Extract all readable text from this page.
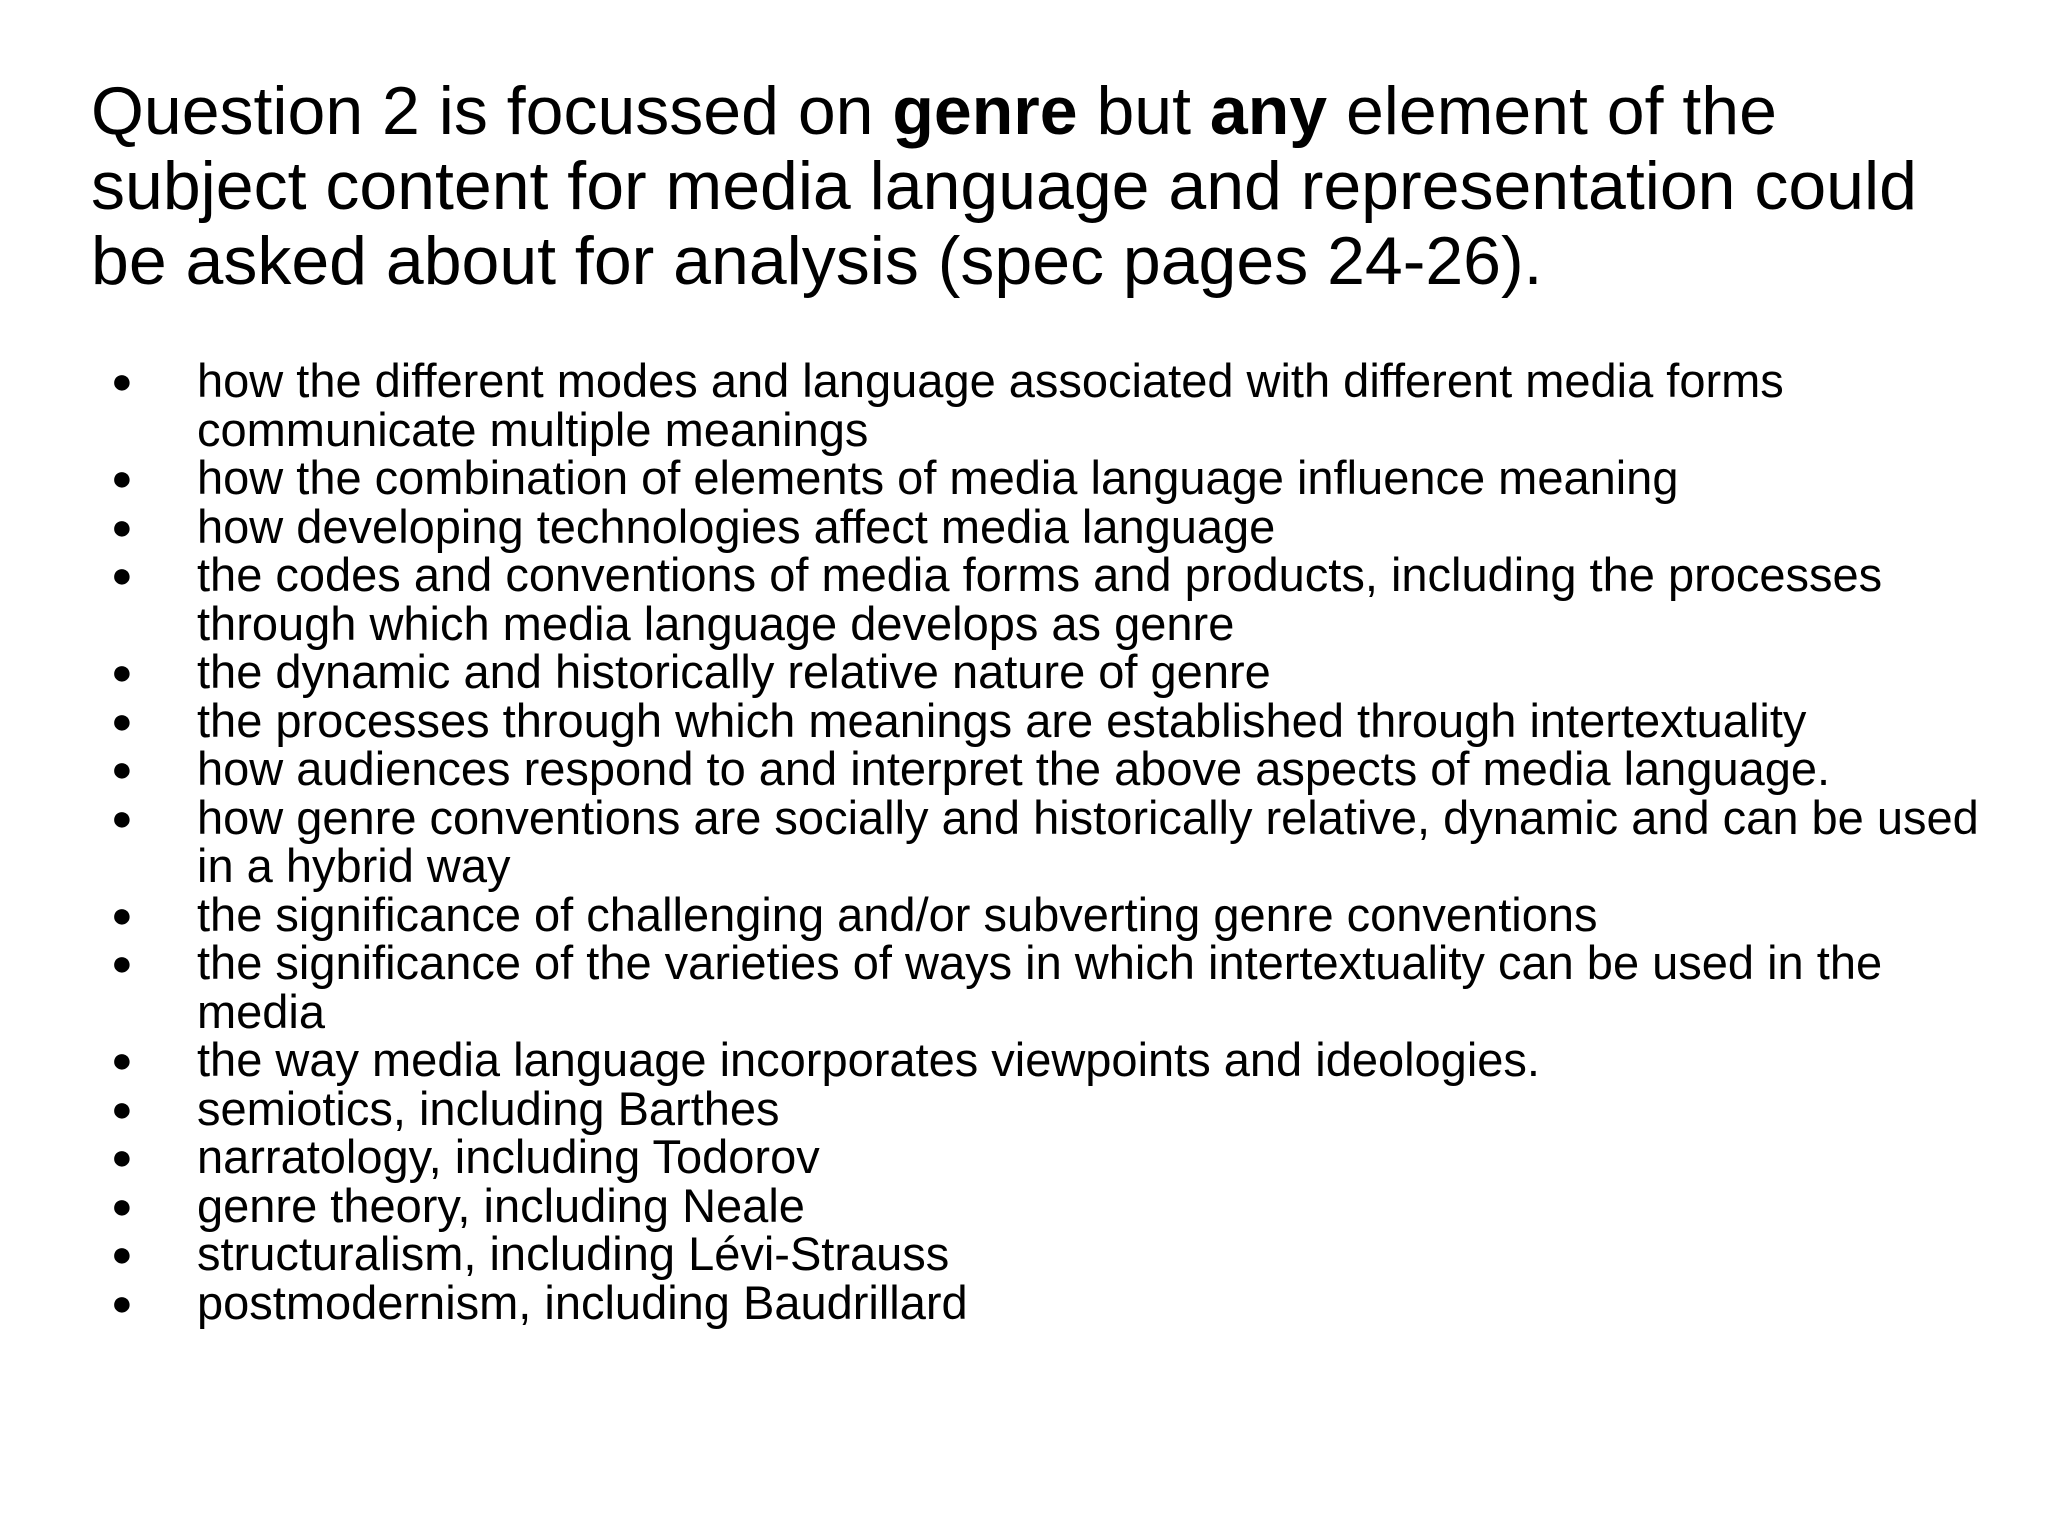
Question 2 is focussed on genre but any element of the subject content for media language and representation could be asked about for analysis (spec pages 24-26).

● how the different modes and language associated with different media forms communicate multiple meanings
● how the combination of elements of media language influence meaning
● how developing technologies affect media language
● the codes and conventions of media forms and products, including the processes through which media language develops as genre
● the dynamic and historically relative nature of genre
● the processes through which meanings are established through intertextuality
● how audiences respond to and interpret the above aspects of media language.
● how genre conventions are socially and historically relative, dynamic and can be used in a hybrid way
● the significance of challenging and/or subverting genre conventions
● the significance of the varieties of ways in which intertextuality can be used in the media
● the way media language incorporates viewpoints and ideologies.
● semiotics, including Barthes
● narratology, including Todorov
● genre theory, including Neale
● structuralism, including Lévi-Strauss
● postmodernism, including Baudrillard
